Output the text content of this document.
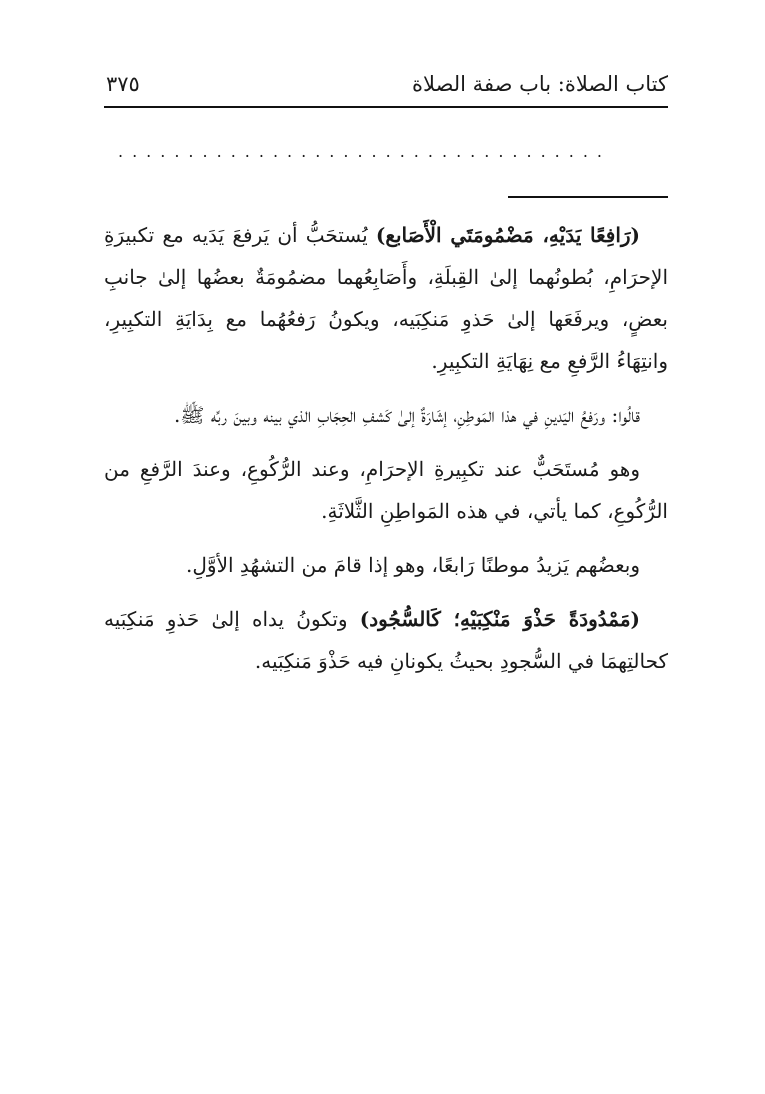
كتاب الصلاة: باب صفة الصلاة
٣٧٥
...................................

(رَافِعًا يَدَيْهِ، مَضْمُومَتَي الْأَصَابع) يُستحَبُّ أن يَرفعَ يَدَيه مع تكبيرَةِ الإحرَامِ، بُطونُهما إلىٰ القِبلَةِ، وأَصَابِعُهما مضمُومَةٌ بعضُها إلىٰ جانبِ بعضٍ، ويرفَعَها إلىٰ حَذوِ مَنكِبَيه، ويكونُ رَفعُهُما مع بِدَايَةِ التكبِيرِ، وانتِهَاءُ الرَّفعِ مع نِهَايَةِ التكبِيرِ.

قالُوا: ورَفعُ اليَدينِ في هذا المَوطِنِ، إشَارَةٌ إلىٰ كَشفِ الحِجَابِ الذي بينه وبينَ ربِّه ﷺ.

وهو مُستَحَبٌّ عند تكبِيرةِ الإحرَامِ، وعند الرُّكُوعِ، وعندَ الرَّفعِ من الرُّكُوعِ، كما يأتي، في هذه المَواطِنِ الثَّلاثَةِ.

وبعضُهم يَزيدُ موطنًا رَابعًا، وهو إذا قامَ من التشهُدِ الأوَّلِ.

(مَمْدُودَةً حَذْوَ مَنْكِبَيْهِ؛ كَالسُّجُود) وتكونُ يداه إلىٰ حَذوِ مَنكِبَيه كحالتِهمَا في السُّجودِ بحيثُ يكونانِ فيه حَذْوَ مَنكِبَيه.
